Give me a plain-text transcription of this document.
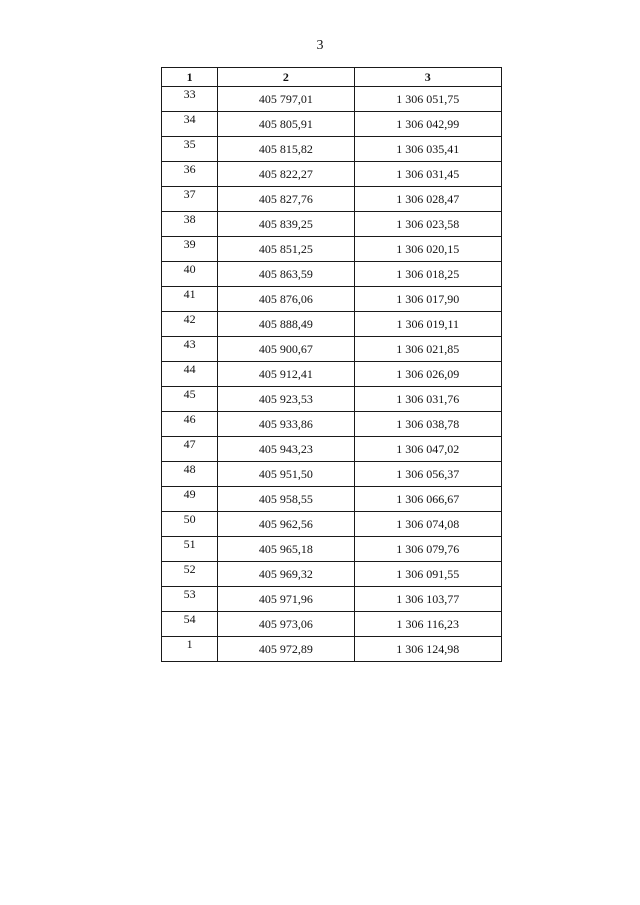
3
1	2	3
33	405 797,01	1 306 051,75
34	405 805,91	1 306 042,99
35	405 815,82	1 306 035,41
36	405 822,27	1 306 031,45
37	405 827,76	1 306 028,47
38	405 839,25	1 306 023,58
39	405 851,25	1 306 020,15
40	405 863,59	1 306 018,25
41	405 876,06	1 306 017,90
42	405 888,49	1 306 019,11
43	405 900,67	1 306 021,85
44	405 912,41	1 306 026,09
45	405 923,53	1 306 031,76
46	405 933,86	1 306 038,78
47	405 943,23	1 306 047,02
48	405 951,50	1 306 056,37
49	405 958,55	1 306 066,67
50	405 962,56	1 306 074,08
51	405 965,18	1 306 079,76
52	405 969,32	1 306 091,55
53	405 971,96	1 306 103,77
54	405 973,06	1 306 116,23
1	405 972,89	1 306 124,98
